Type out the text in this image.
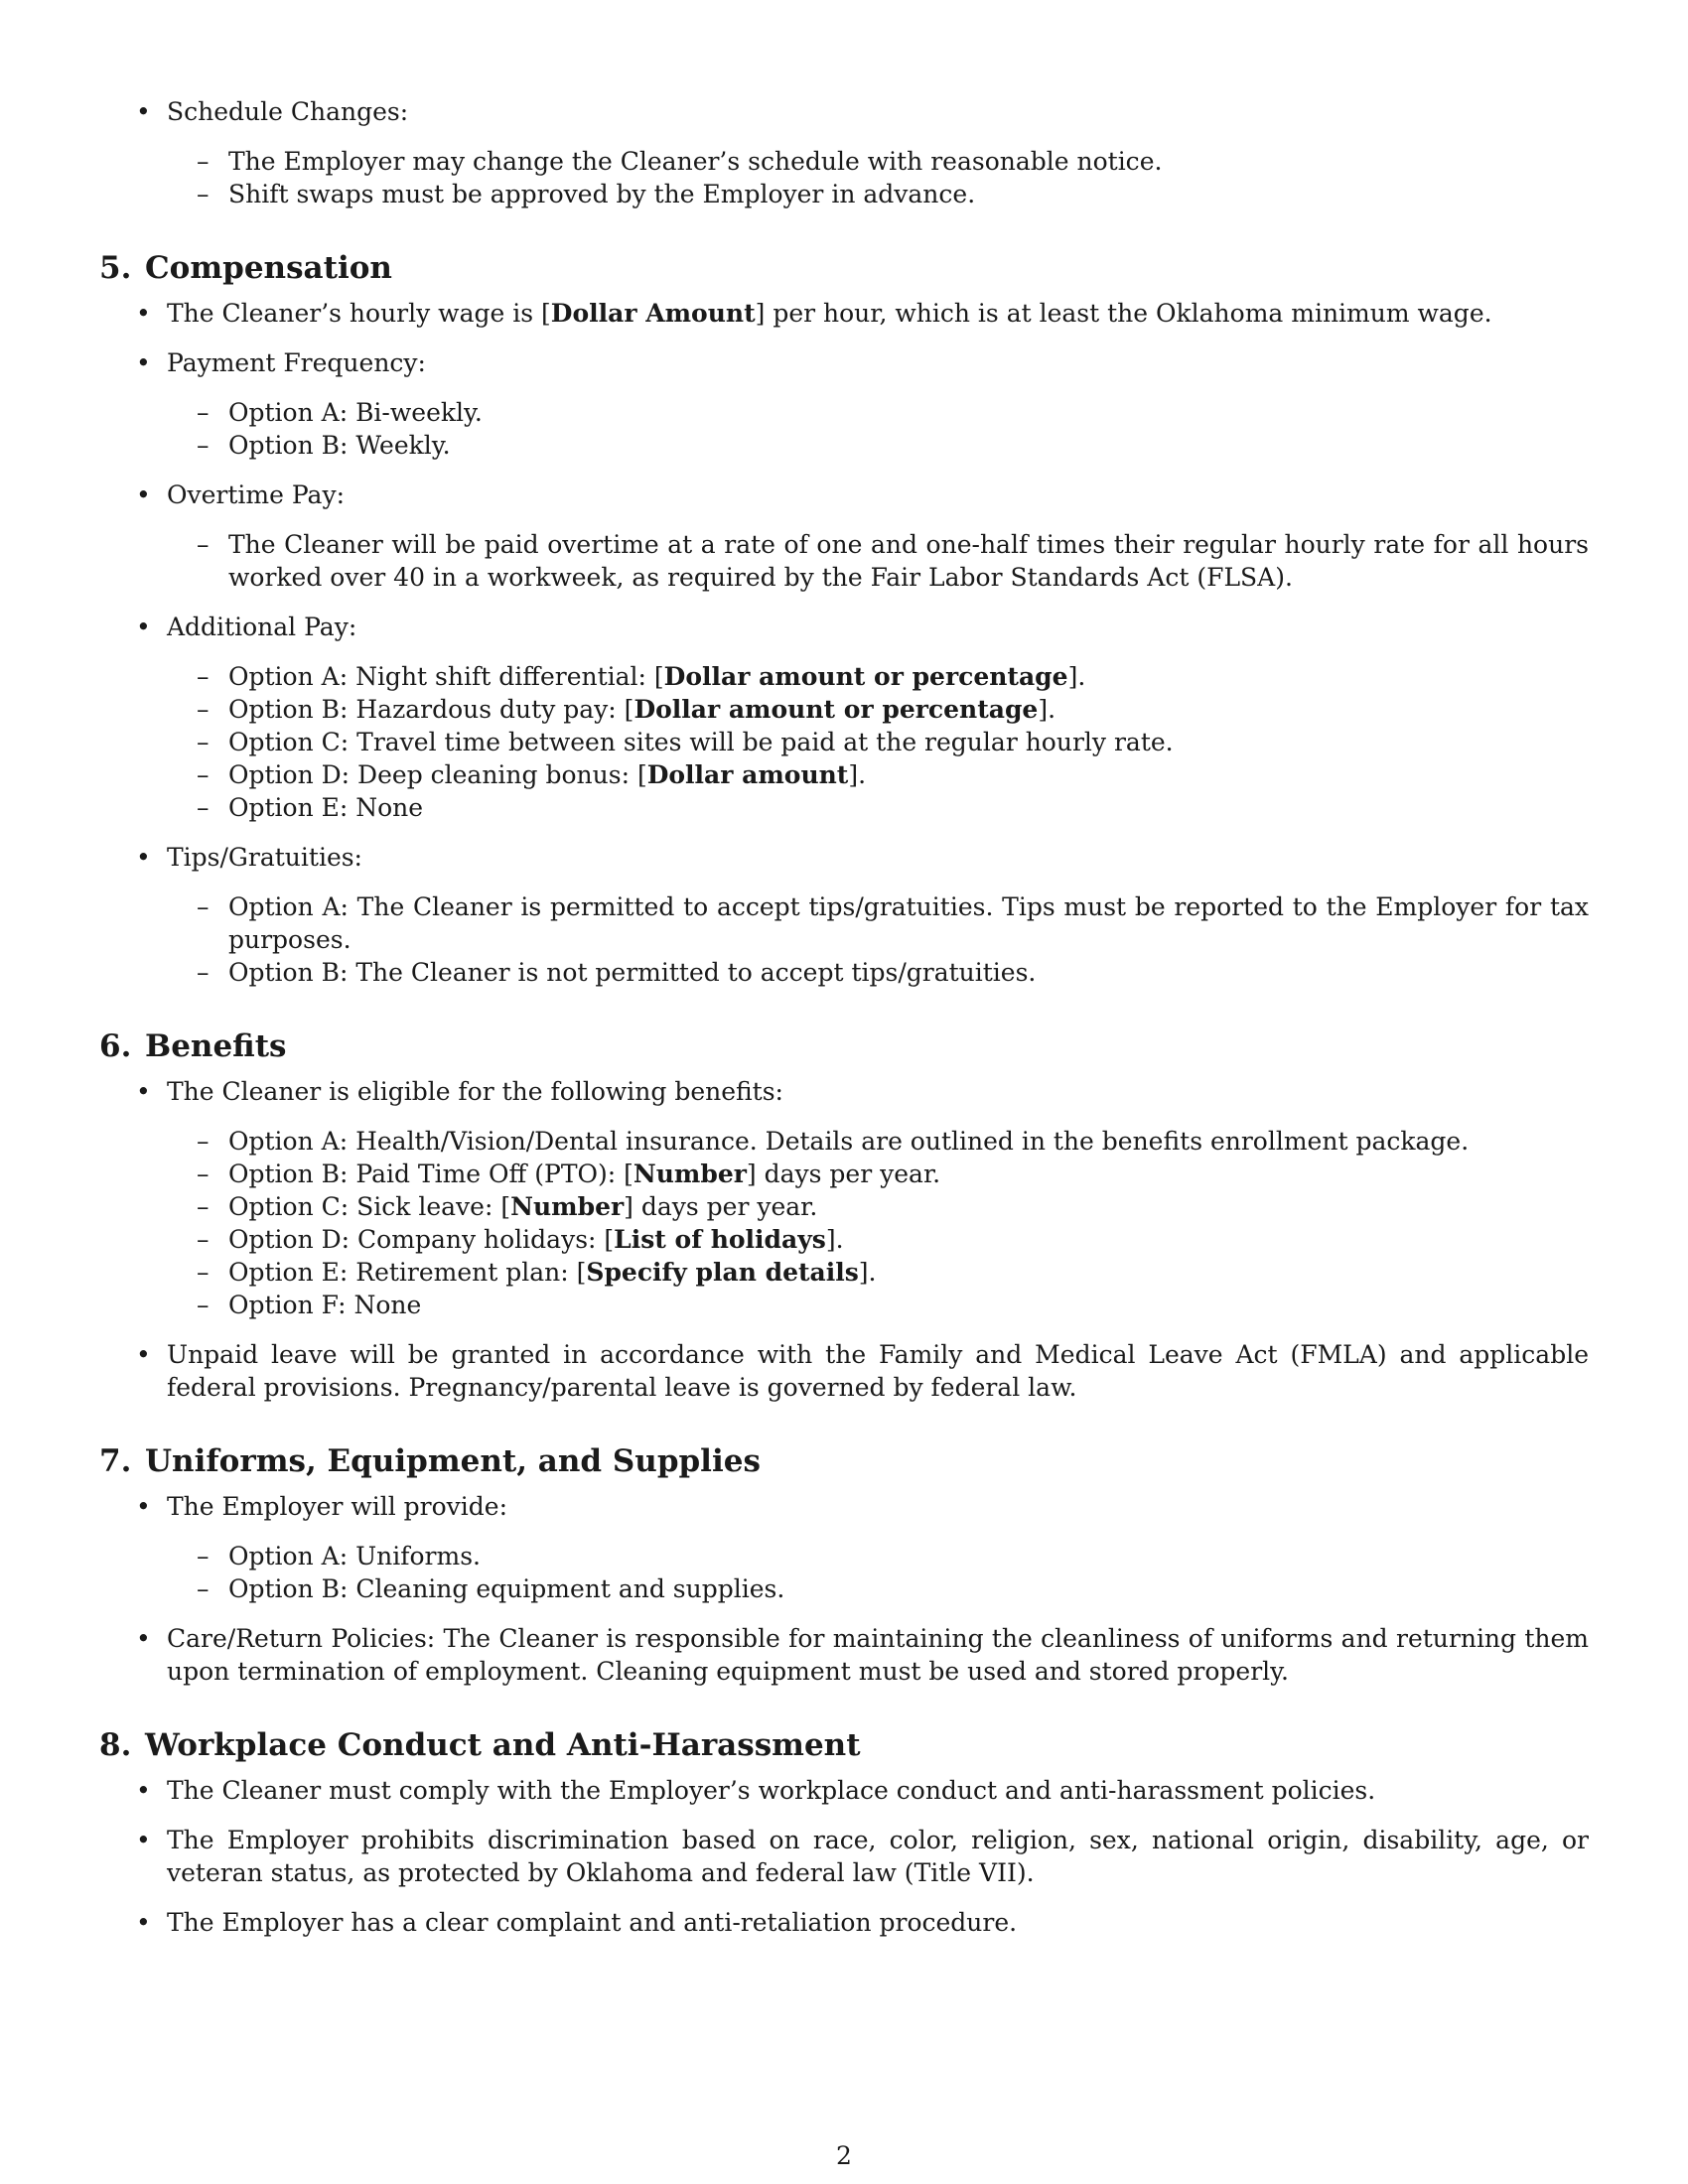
• Schedule Changes:

– The Employer may change the Cleaner’s schedule with reasonable notice.

– Shift swaps must be approved by the Employer in advance.

5. Compensation

• The Cleaner’s hourly wage is [Dollar Amount] per hour, which is at least the Oklahoma minimum wage.

• Payment Frequency:

– Option A: Bi-weekly.

– Option B: Weekly.

• Overtime Pay:

– The Cleaner will be paid overtime at a rate of one and one-half times their regular hourly rate for all hours worked over 40 in a workweek, as required by the Fair Labor Standards Act (FLSA).

• Additional Pay:

– Option A: Night shift differential: [Dollar amount or percentage].

– Option B: Hazardous duty pay: [Dollar amount or percentage].

– Option C: Travel time between sites will be paid at the regular hourly rate.

– Option D: Deep cleaning bonus: [Dollar amount].

– Option E: None

• Tips/Gratuities:

– Option A: The Cleaner is permitted to accept tips/gratuities. Tips must be reported to the Employer for tax purposes.

– Option B: The Cleaner is not permitted to accept tips/gratuities.

6. Benefits

• The Cleaner is eligible for the following benefits:

– Option A: Health/Vision/Dental insurance. Details are outlined in the benefits enrollment package.

– Option B: Paid Time Off (PTO): [Number] days per year.

– Option C: Sick leave: [Number] days per year.

– Option D: Company holidays: [List of holidays].

– Option E: Retirement plan: [Specify plan details].

– Option F: None

• Unpaid leave will be granted in accordance with the Family and Medical Leave Act (FMLA) and applicable federal provisions. Pregnancy/parental leave is governed by federal law.

7. Uniforms, Equipment, and Supplies

• The Employer will provide:

– Option A: Uniforms.

– Option B: Cleaning equipment and supplies.

• Care/Return Policies: The Cleaner is responsible for maintaining the cleanliness of uniforms and returning them upon termination of employment. Cleaning equipment must be used and stored properly.

8. Workplace Conduct and Anti-Harassment

• The Cleaner must comply with the Employer’s workplace conduct and anti-harassment policies.

• The Employer prohibits discrimination based on race, color, religion, sex, national origin, disability, age, or veteran status, as protected by Oklahoma and federal law (Title VII).

• The Employer has a clear complaint and anti-retaliation procedure.

2
